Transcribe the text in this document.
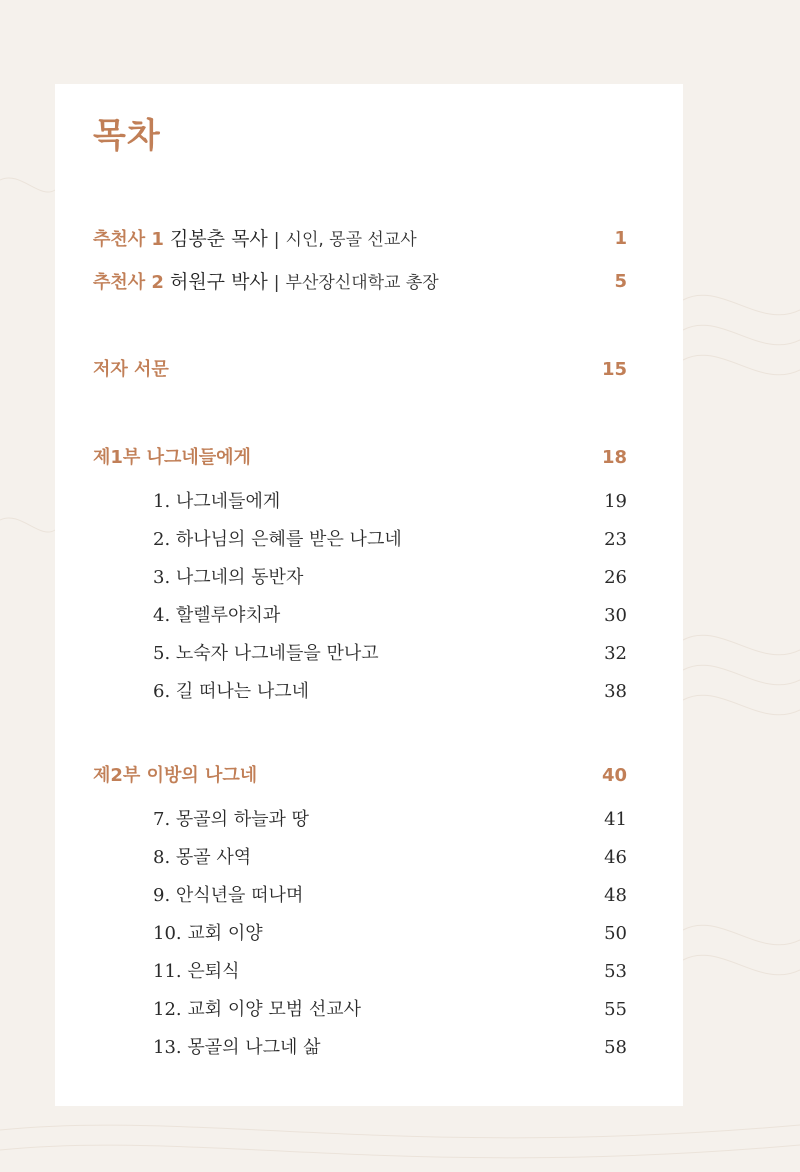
목차
추천사 1 김봉춘 목사 | 시인, 몽골 선교사	1
추천사 2 허원구 박사 | 부산장신대학교 총장	5
저자 서문	15
제1부 나그네들에게	18
1. 나그네들에게	19
2. 하나님의 은혜를 받은 나그네	23
3. 나그네의 동반자	26
4. 할렐루야치과	30
5. 노숙자 나그네들을 만나고	32
6. 길 떠나는 나그네	38
제2부 이방의 나그네	40
7. 몽골의 하늘과 땅	41
8. 몽골 사역	46
9. 안식년을 떠나며	48
10. 교회 이양	50
11. 은퇴식	53
12. 교회 이양 모범 선교사	55
13. 몽골의 나그네 삶	58
